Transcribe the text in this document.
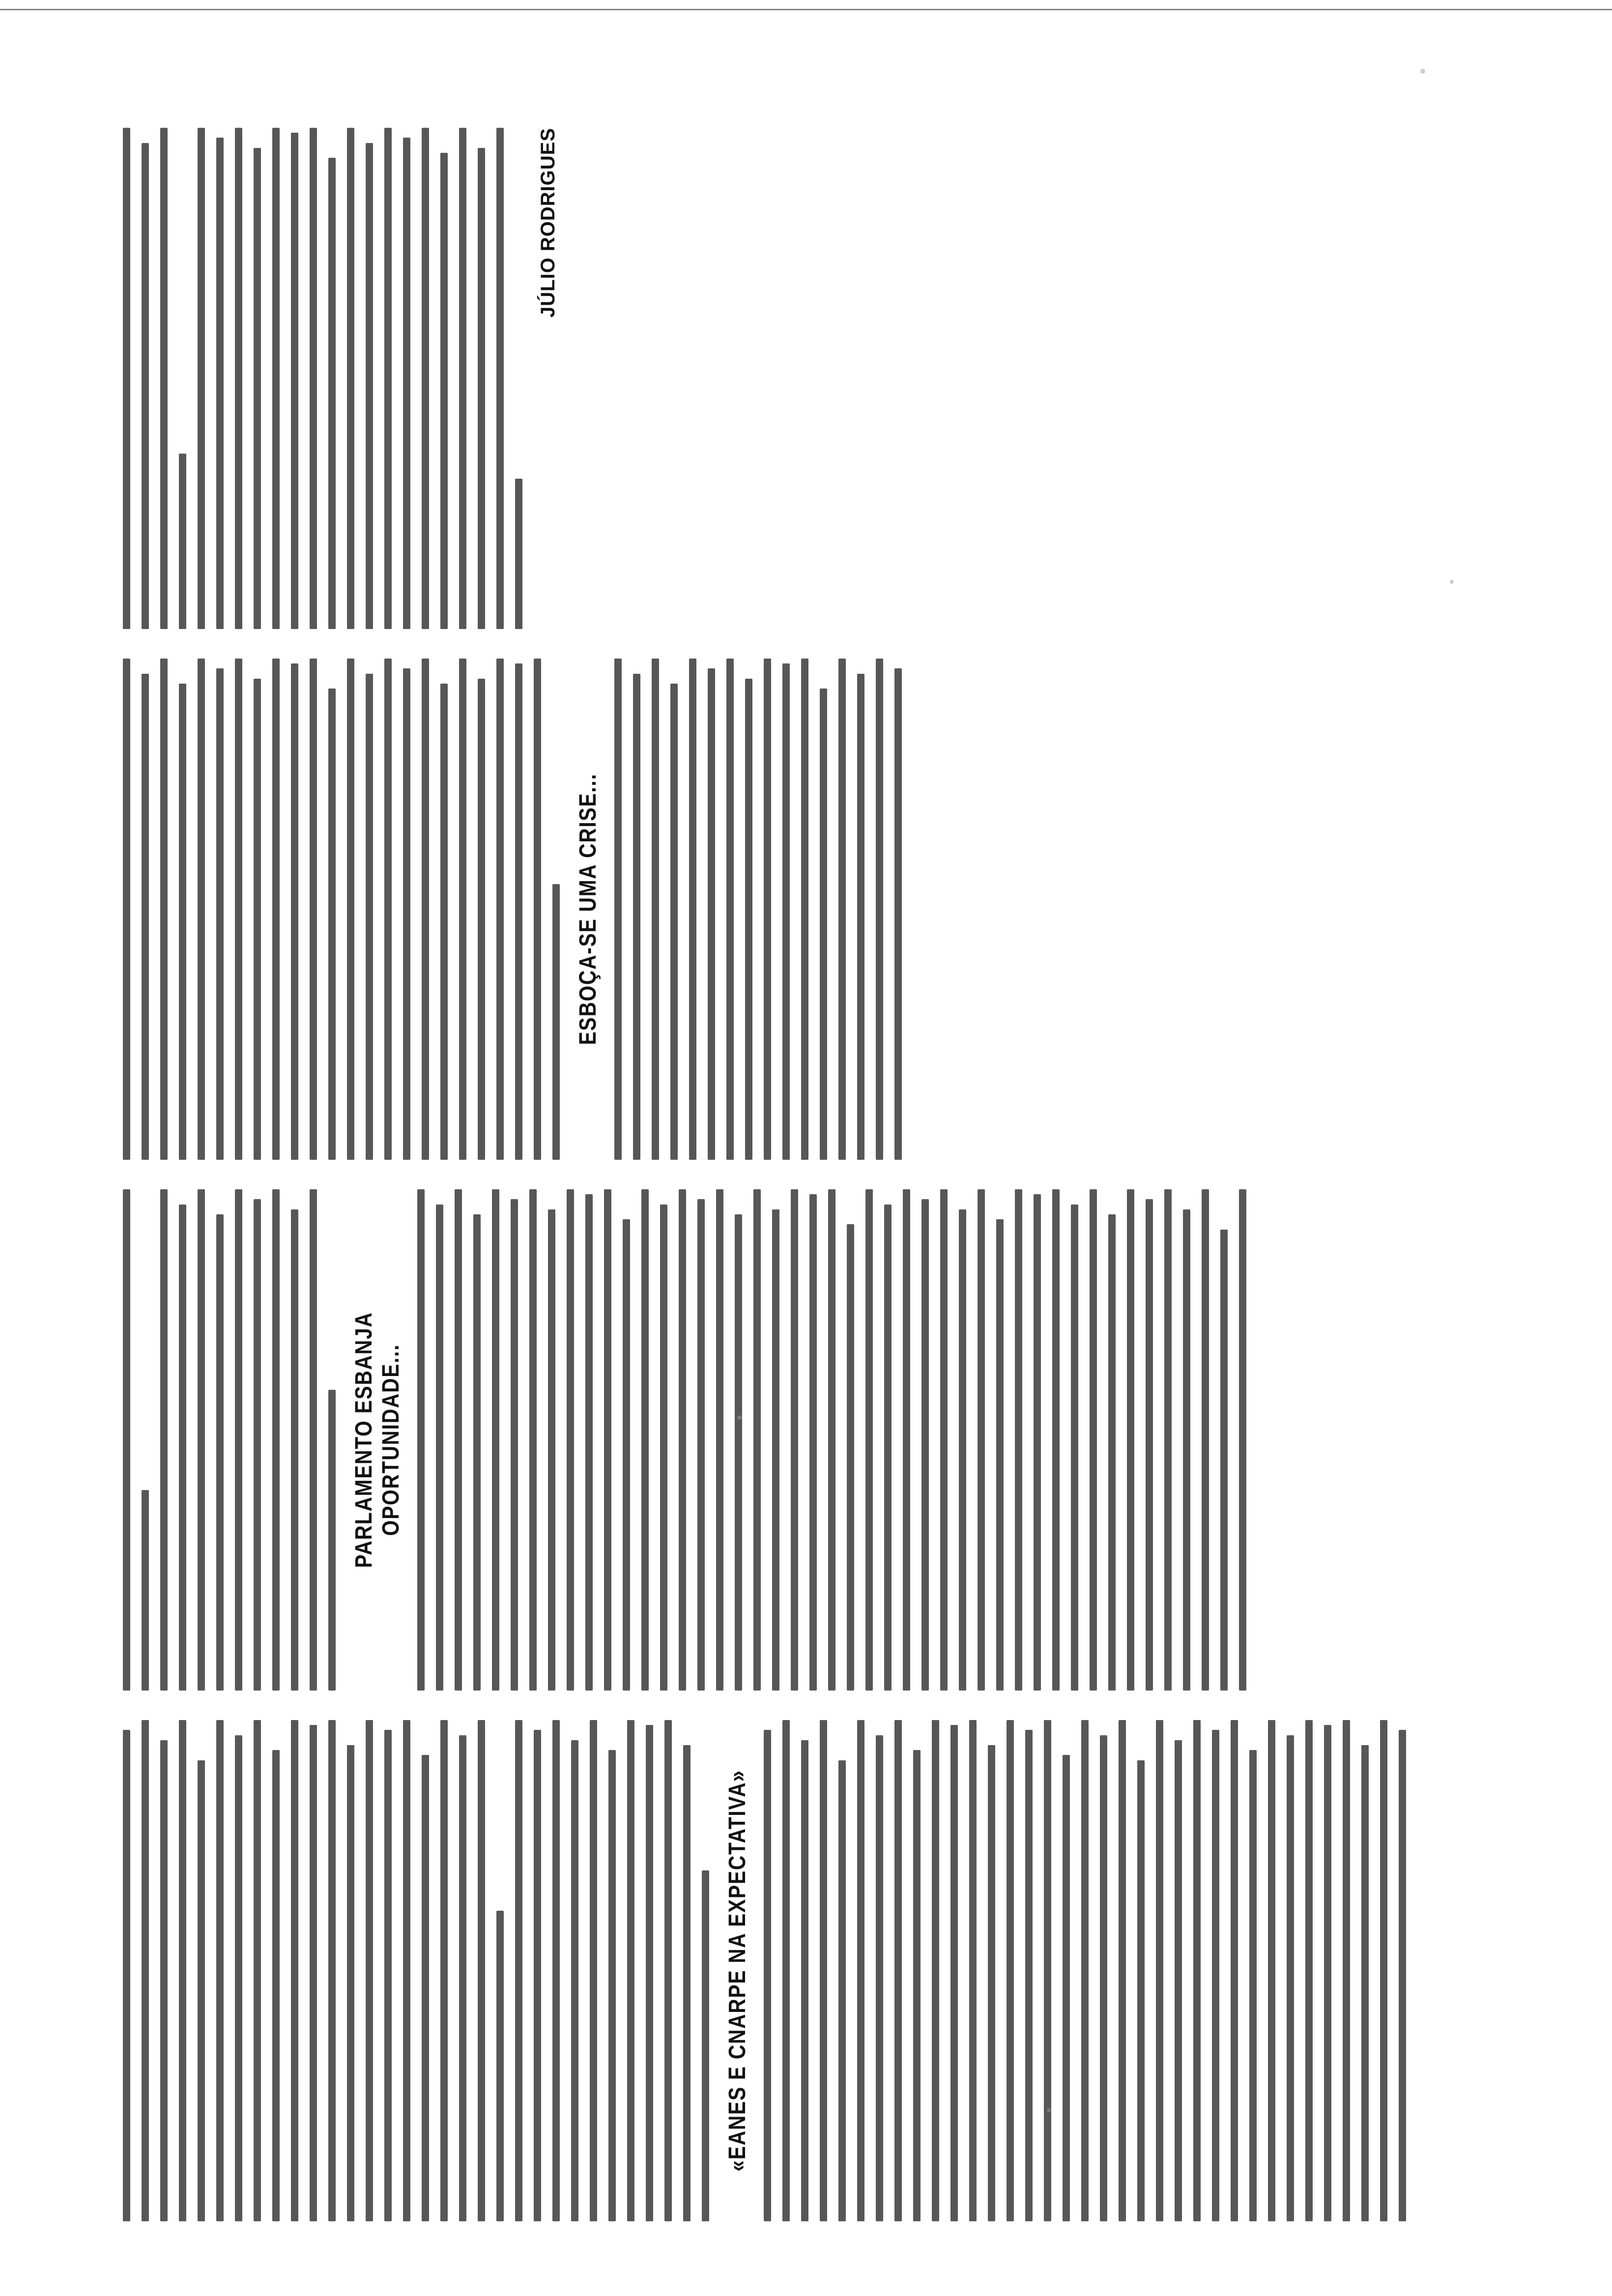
«EANES E CNARPE NA EXPECTATIVA»
PARLAMENTO ESBANJA OPORTUNIDADE...
ESBOÇA-SE UMA CRISE...
JÚLIO RODRIGUES
